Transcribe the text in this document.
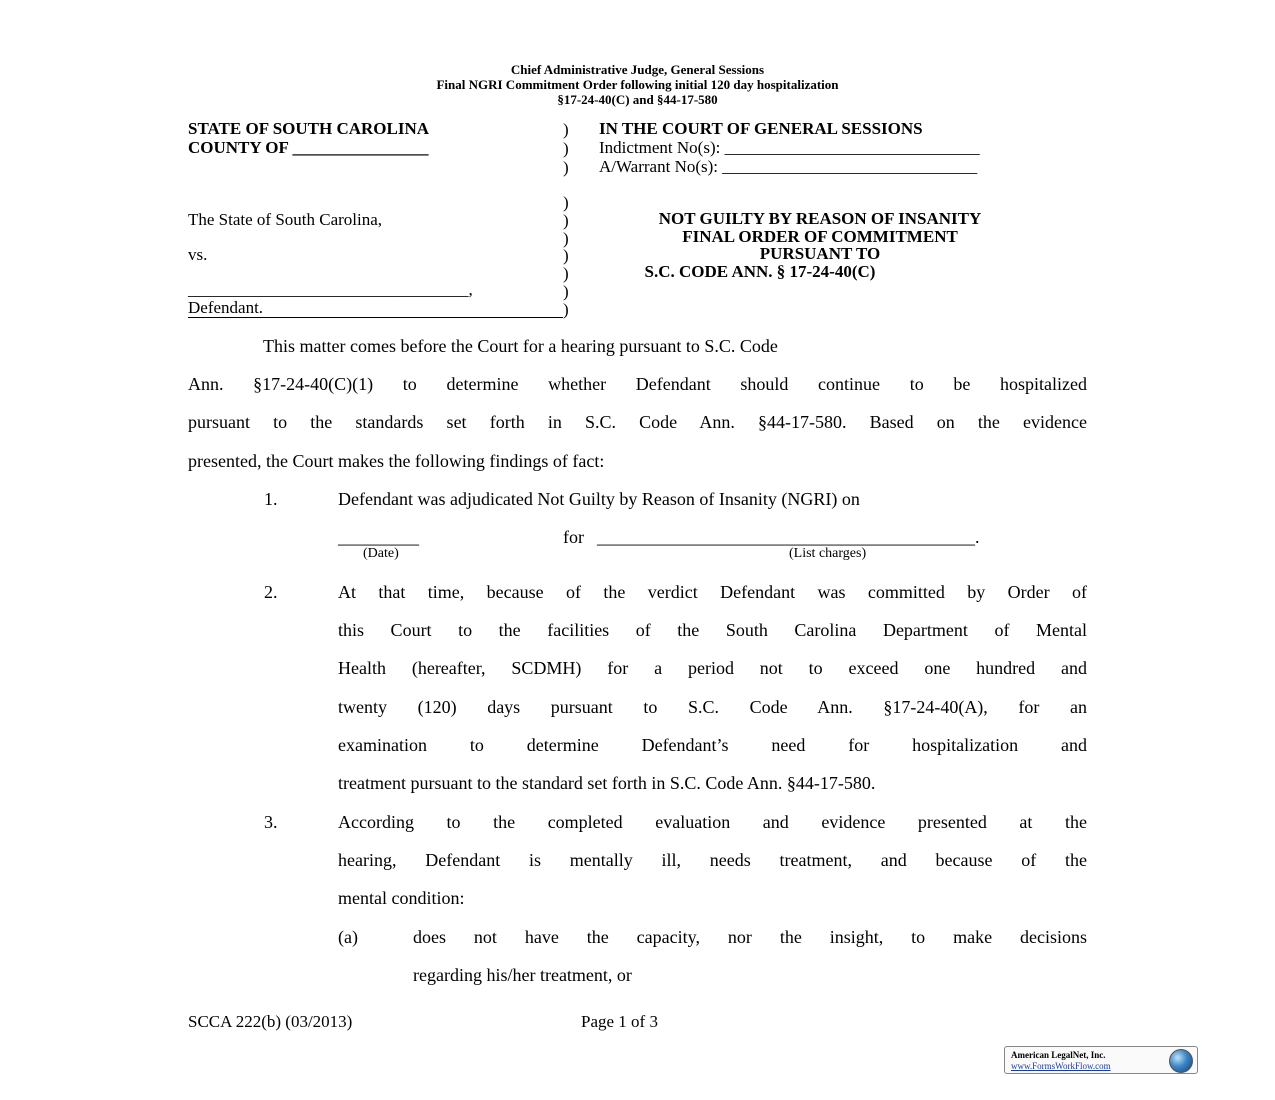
Chief Administrative Judge, General Sessions
Final NGRI Commitment Order following initial 120 day hospitalization
§17-24-40(C) and §44-17-580
STATE OF SOUTH CAROLINA
COUNTY OF ________________
The State of South Carolina,
vs.
_________________________________,
Defendant.
)
)
)
)
)
)
)
)
)
)
IN THE COURT OF GENERAL SESSIONS
Indictment No(s): ______________________________
A/Warrant No(s): ______________________________
NOT GUILTY BY REASON OF INSANITY
FINAL ORDER OF COMMITMENT
PURSUANT TO
S.C. CODE ANN. § 17-24-40(C)
This matter comes before the Court for a hearing pursuant to S.C. Code
Ann. §17-24-40(C)(1) to determine whether Defendant should continue to be hospitalized
pursuant to the standards set forth in S.C. Code Ann. §44-17-580. Based on the evidence
presented, the Court makes the following findings of fact:
1.	Defendant was adjudicated Not Guilty by Reason of Insanity (NGRI) on
_________	for __________________________________________.
(Date)	(List charges)
2.	At that time, because of the verdict Defendant was committed by Order of
this Court to the facilities of the South Carolina Department of Mental
Health (hereafter, SCDMH) for a period not to exceed one hundred and
twenty (120) days pursuant to S.C. Code Ann. §17-24-40(A), for an
examination to determine Defendant’s need for hospitalization and
treatment pursuant to the standard set forth in S.C. Code Ann. §44-17-580.
3.	According to the completed evaluation and evidence presented at the
hearing, Defendant is mentally ill, needs treatment, and because of the
mental condition:
(a)	does not have the capacity, nor the insight, to make decisions
regarding his/her treatment, or
SCCA 222(b) (03/2013)	Page 1 of 3
American LegalNet, Inc.
www.FormsWorkFlow.com
